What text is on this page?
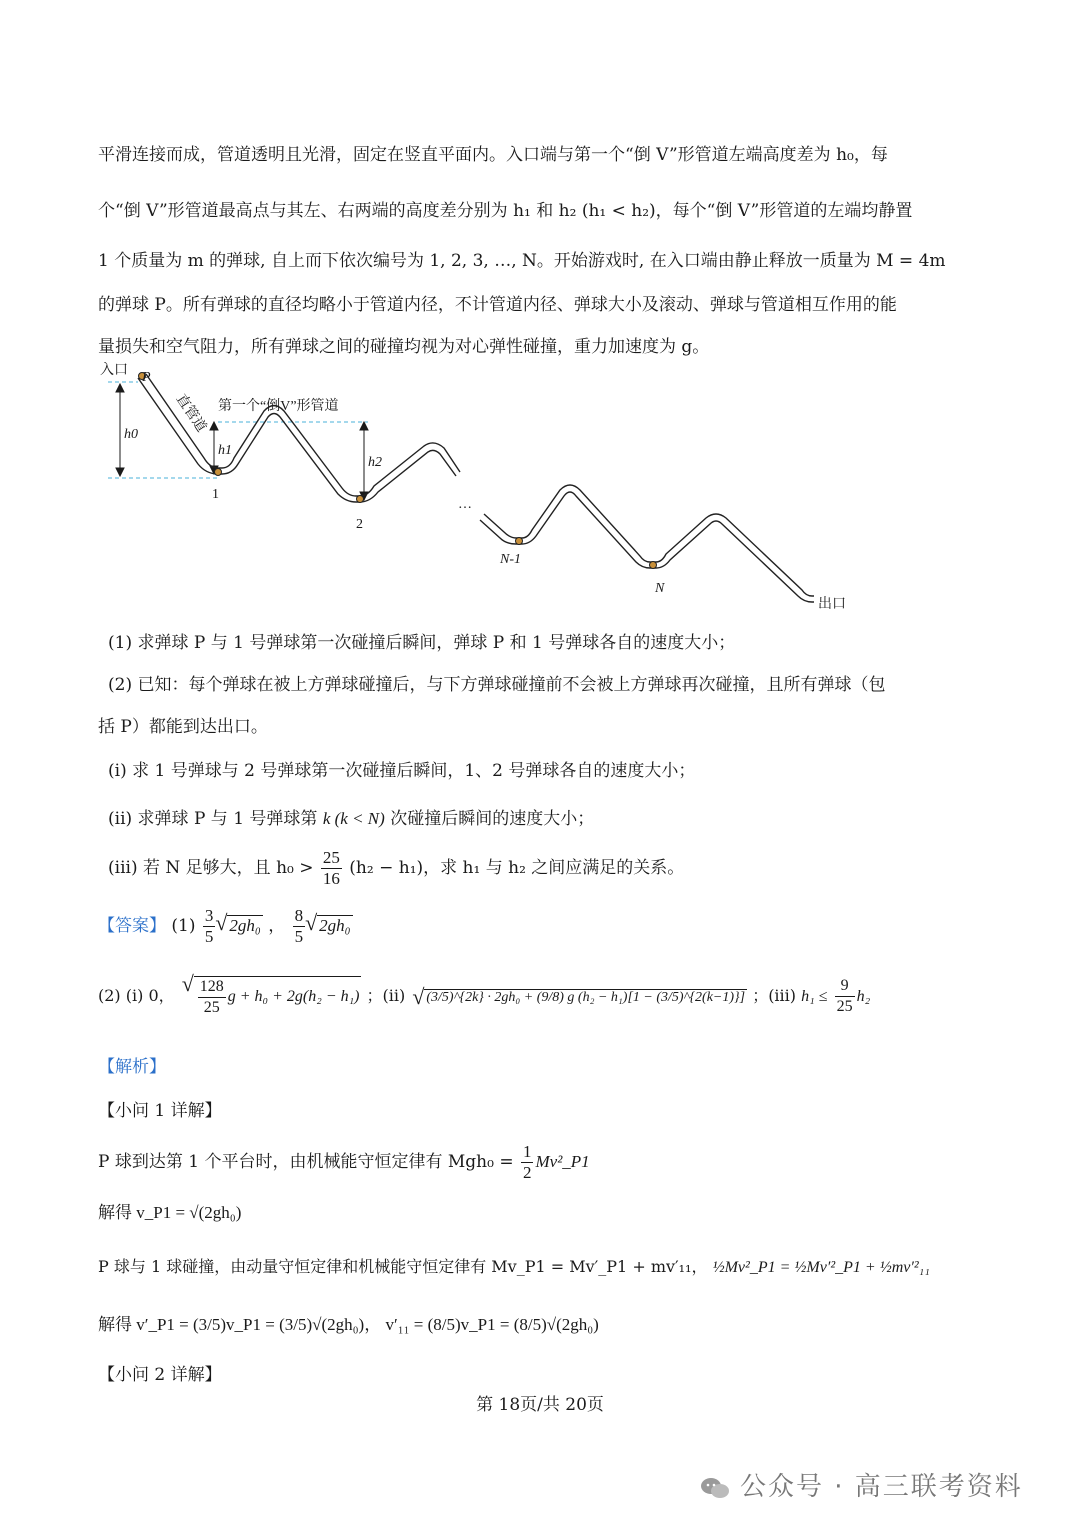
平滑连接而成，管道透明且光滑，固定在竖直平面内。入口端与第一个“倒 V”形管道左端高度差为 h₀，每
个“倒 V”形管道最高点与其左、右两端的高度差分别为 h₁ 和 h₂ (h₁ < h₂)，每个“倒 V”形管道的左端均静置
1 个质量为 m 的弹球, 自上而下依次编号为 1, 2, 3, …, N。开始游戏时, 在入口端由静止释放一质量为 M = 4m
的弹球 P。所有弹球的直径均略小于管道内径，不计管道内径、弹球大小及滚动、弹球与管道相互作用的能
量损失和空气阻力，所有弹球之间的碰撞均视为对心弹性碰撞，重力加速度为 g。
入口 P
第一个“倒V”形管道
h0
h1
h2
1
2
…
N-1
N
出口
直管道
(1) 求弹球 P 与 1 号弹球第一次碰撞后瞬间，弹球 P 和 1 号弹球各自的速度大小；
(2) 已知：每个弹球在被上方弹球碰撞后，与下方弹球碰撞前不会被上方弹球再次碰撞，且所有弹球（包
括 P）都能到达出口。
(i) 求 1 号弹球与 2 号弹球第一次碰撞后瞬间，1、2 号弹球各自的速度大小；
(ii) 求弹球 P 与 1 号弹球第 k (k < N) 次碰撞后瞬间的速度大小；
(iii) 若 N 足够大，且 $h_0 > \frac{25}{16} (h_2 - h_1)$，求 h₁ 与 h₂ 之间应满足的关系。
【答案】 $(1) \frac{3}{5}$ √ 2gh₀ ， $\frac{8}{5}$ √ 2gh₀
(2) (i) 0， √ $\frac{128}{25}$ g + h₀ + 2g(h₂ − h₁) ；(ii) √ (3/5)^{2k} · 2gh₀ + (9/8) g (h₂ − h₁)[1 − (3/5)^{2(k−1)}] ；(iii) $h_1 \le \frac{9}{25} h_2$
【解析】
【小问 1 详解】
P 球到达第 1 个平台时，由机械能守恒定律有 $Mgh_0 = \frac{1}{2}$ Mv²_P1
解得 v_P1 = √(2gh₀)
P 球与 1 球碰撞，由动量守恒定律和机械能守恒定律有 Mv_P1 = Mv′_P1 + mv′₁₁， ½Mv²_P1 = ½Mv′²_P1 + ½mv′²₁₁
解得 v′_P1 = (3/5)v_P1 = (3/5)√(2gh₀)， v′₁₁ = (8/5)v_P1 = (8/5)√(2gh₀)
【小问 2 详解】
第 18页/共 20页
公众号 · 高三联考资料
